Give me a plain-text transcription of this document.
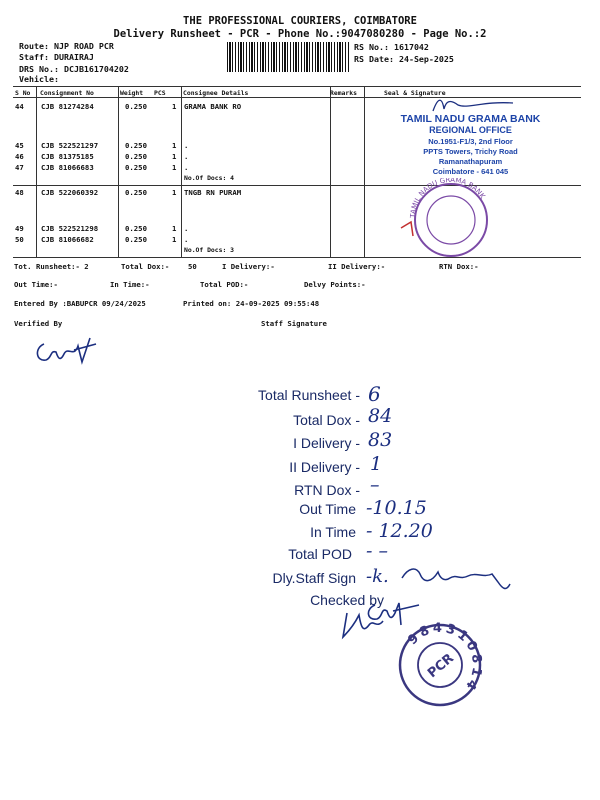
THE PROFESSIONAL COURIERS, COIMBATORE
Delivery Runsheet - PCR - Phone No.:9047080280 - Page No.:2
Route: NJP ROAD PCR
Staff: DURAIRAJ
DRS No.: DCJB161704202
Vehicle:
RS No.: 1617042
RS Date: 24-Sep-2025
S No Consignment No	Weight PCS	Consignee Details	Remarks	Seal & Signature
44 CJB 81274284	0.250	1 GRAMA BANK RO
45 CJB 522521297	0.250	1 .
46 CJB 81375185	0.250	1 .
47 CJB 81066683	0.250	1 .
No.Of Docs: 4
48 CJB 522060392	0.250	1 TNGB RN PURAM
49 CJB 522521298	0.250	1 .
50 CJB 81066682	0.250	1 .
No.Of Docs: 3
TAMIL NADU GRAMA BANK
REGIONAL OFFICE
No.1951-F1/3, 2nd Floor
PPTS Towers, Trichy Road
Ramanathapuram
Coimbatore - 641 045
TAMIL NADU GRAMA BANK
Tot. Runsheet:- 2	Total Dox:-	50	I Delivery:-	II Delivery:-	RTN Dox:-
Out Time:-	In Time:-	Total POD:-	Delvy Points:-
Entered By :BABUPCR 09/24/2025	Printed on: 24-09-2025 09:55:48
Verified By	Staff Signature
Total Runsheet - 6
Total Dox - 84
I Delivery - 83
II Delivery - 1
RTN Dox - –
Out Time -10.15
In Time - 12.20
Total POD - –
Dly.Staff Sign -k.
Checked by
984310814
PCR
